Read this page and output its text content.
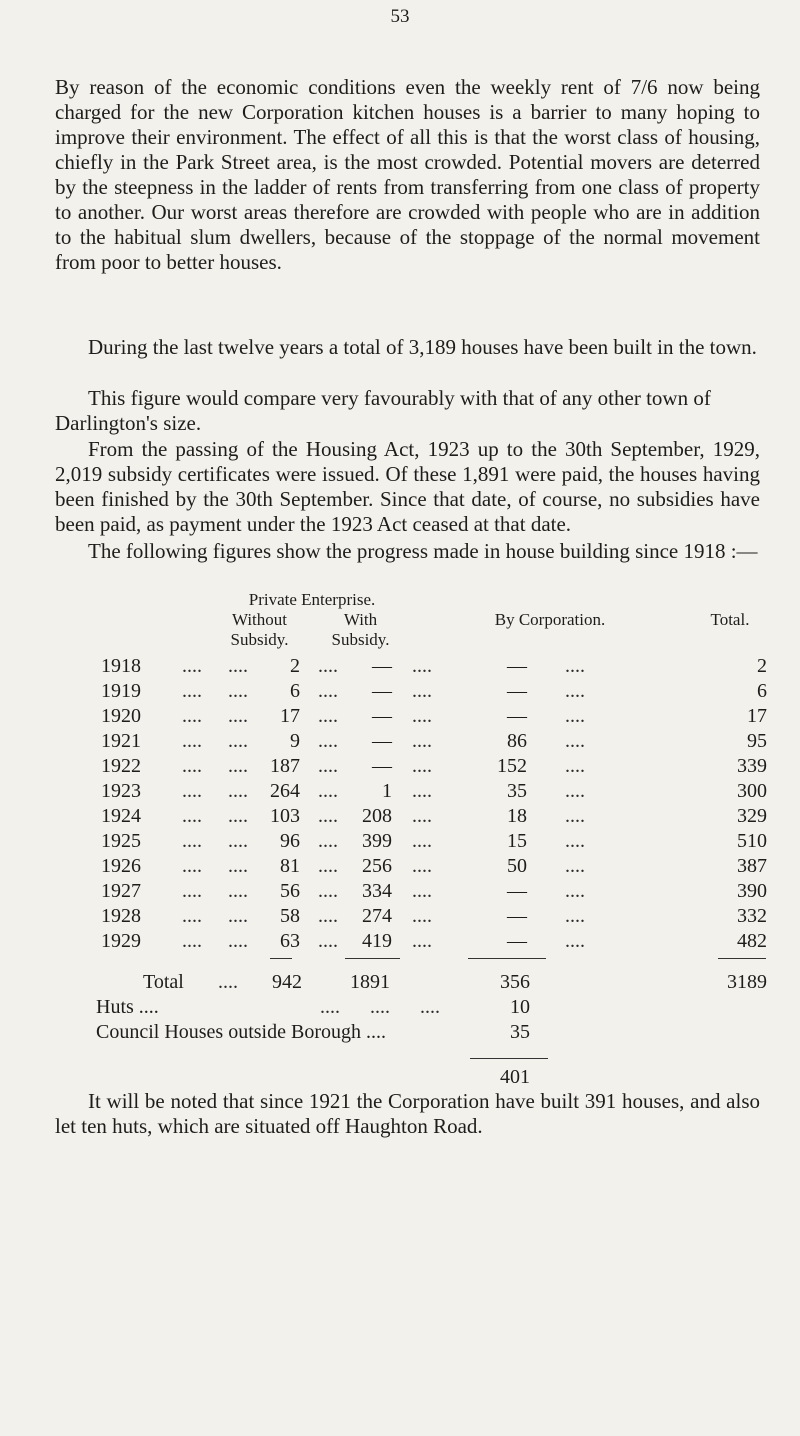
53

By reason of the economic conditions even the weekly rent of 7/6 now being charged for the new Corporation kitchen houses is a barrier to many hoping to improve their environment. The effect of all this is that the worst class of housing, chiefly in the Park Street area, is the most crowded. Potential movers are deterred by the steepness in the ladder of rents from transferring from one class of property to another. Our worst areas therefore are crowded with people who are in addition to the habitual slum dwellers, because of the stoppage of the normal movement from poor to better houses.

During the last twelve years a total of 3,189 houses have been built in the town.

This figure would compare very favourably with that of any other town of Darlington's size.

From the passing of the Housing Act, 1923 up to the 30th September, 1929, 2,019 subsidy certificates were issued. Of these 1,891 were paid, the houses having been finished by the 30th September. Since that date, of course, no subsidies have been paid, as payment under the 1923 Act ceased at that date.

The following figures show the progress made in house building since 1918 :—

Private Enterprise.
Without Subsidy.
With Subsidy.
By Corporation.	Total.
1918 .... ....	2 ....	— ....	— ....	2
1919 .... ....	6 ....	— ....	— ....	6
1920 .... ....	17 ....	— ....	— ....	17
1921 .... ....	9 ....	— ....	86 ....	95
1922 .... ....	187 ....	— ....	152 ....	339
1923 .... ....	264 ....	1 ....	35 ....	300
1924 .... ....	103 ....	208 ....	18 ....	329
1925 .... ....	96 ....	399 ....	15 ....	510
1926 .... ....	81 ....	256 ....	50 ....	387
1927 .... ....	56 ....	334 ....	— ....	390
1928 .... ....	58 ....	274 ....	— ....	332
1929 .... ....	63 ....	419 ....	— ....	482
Total ....	942	1891	356	3189
Huts ....	....      ....      ....	10
Council Houses outside Borough ....	35
401

It will be noted that since 1921 the Corporation have built 391 houses, and also let ten huts, which are situated off Haughton Road.
